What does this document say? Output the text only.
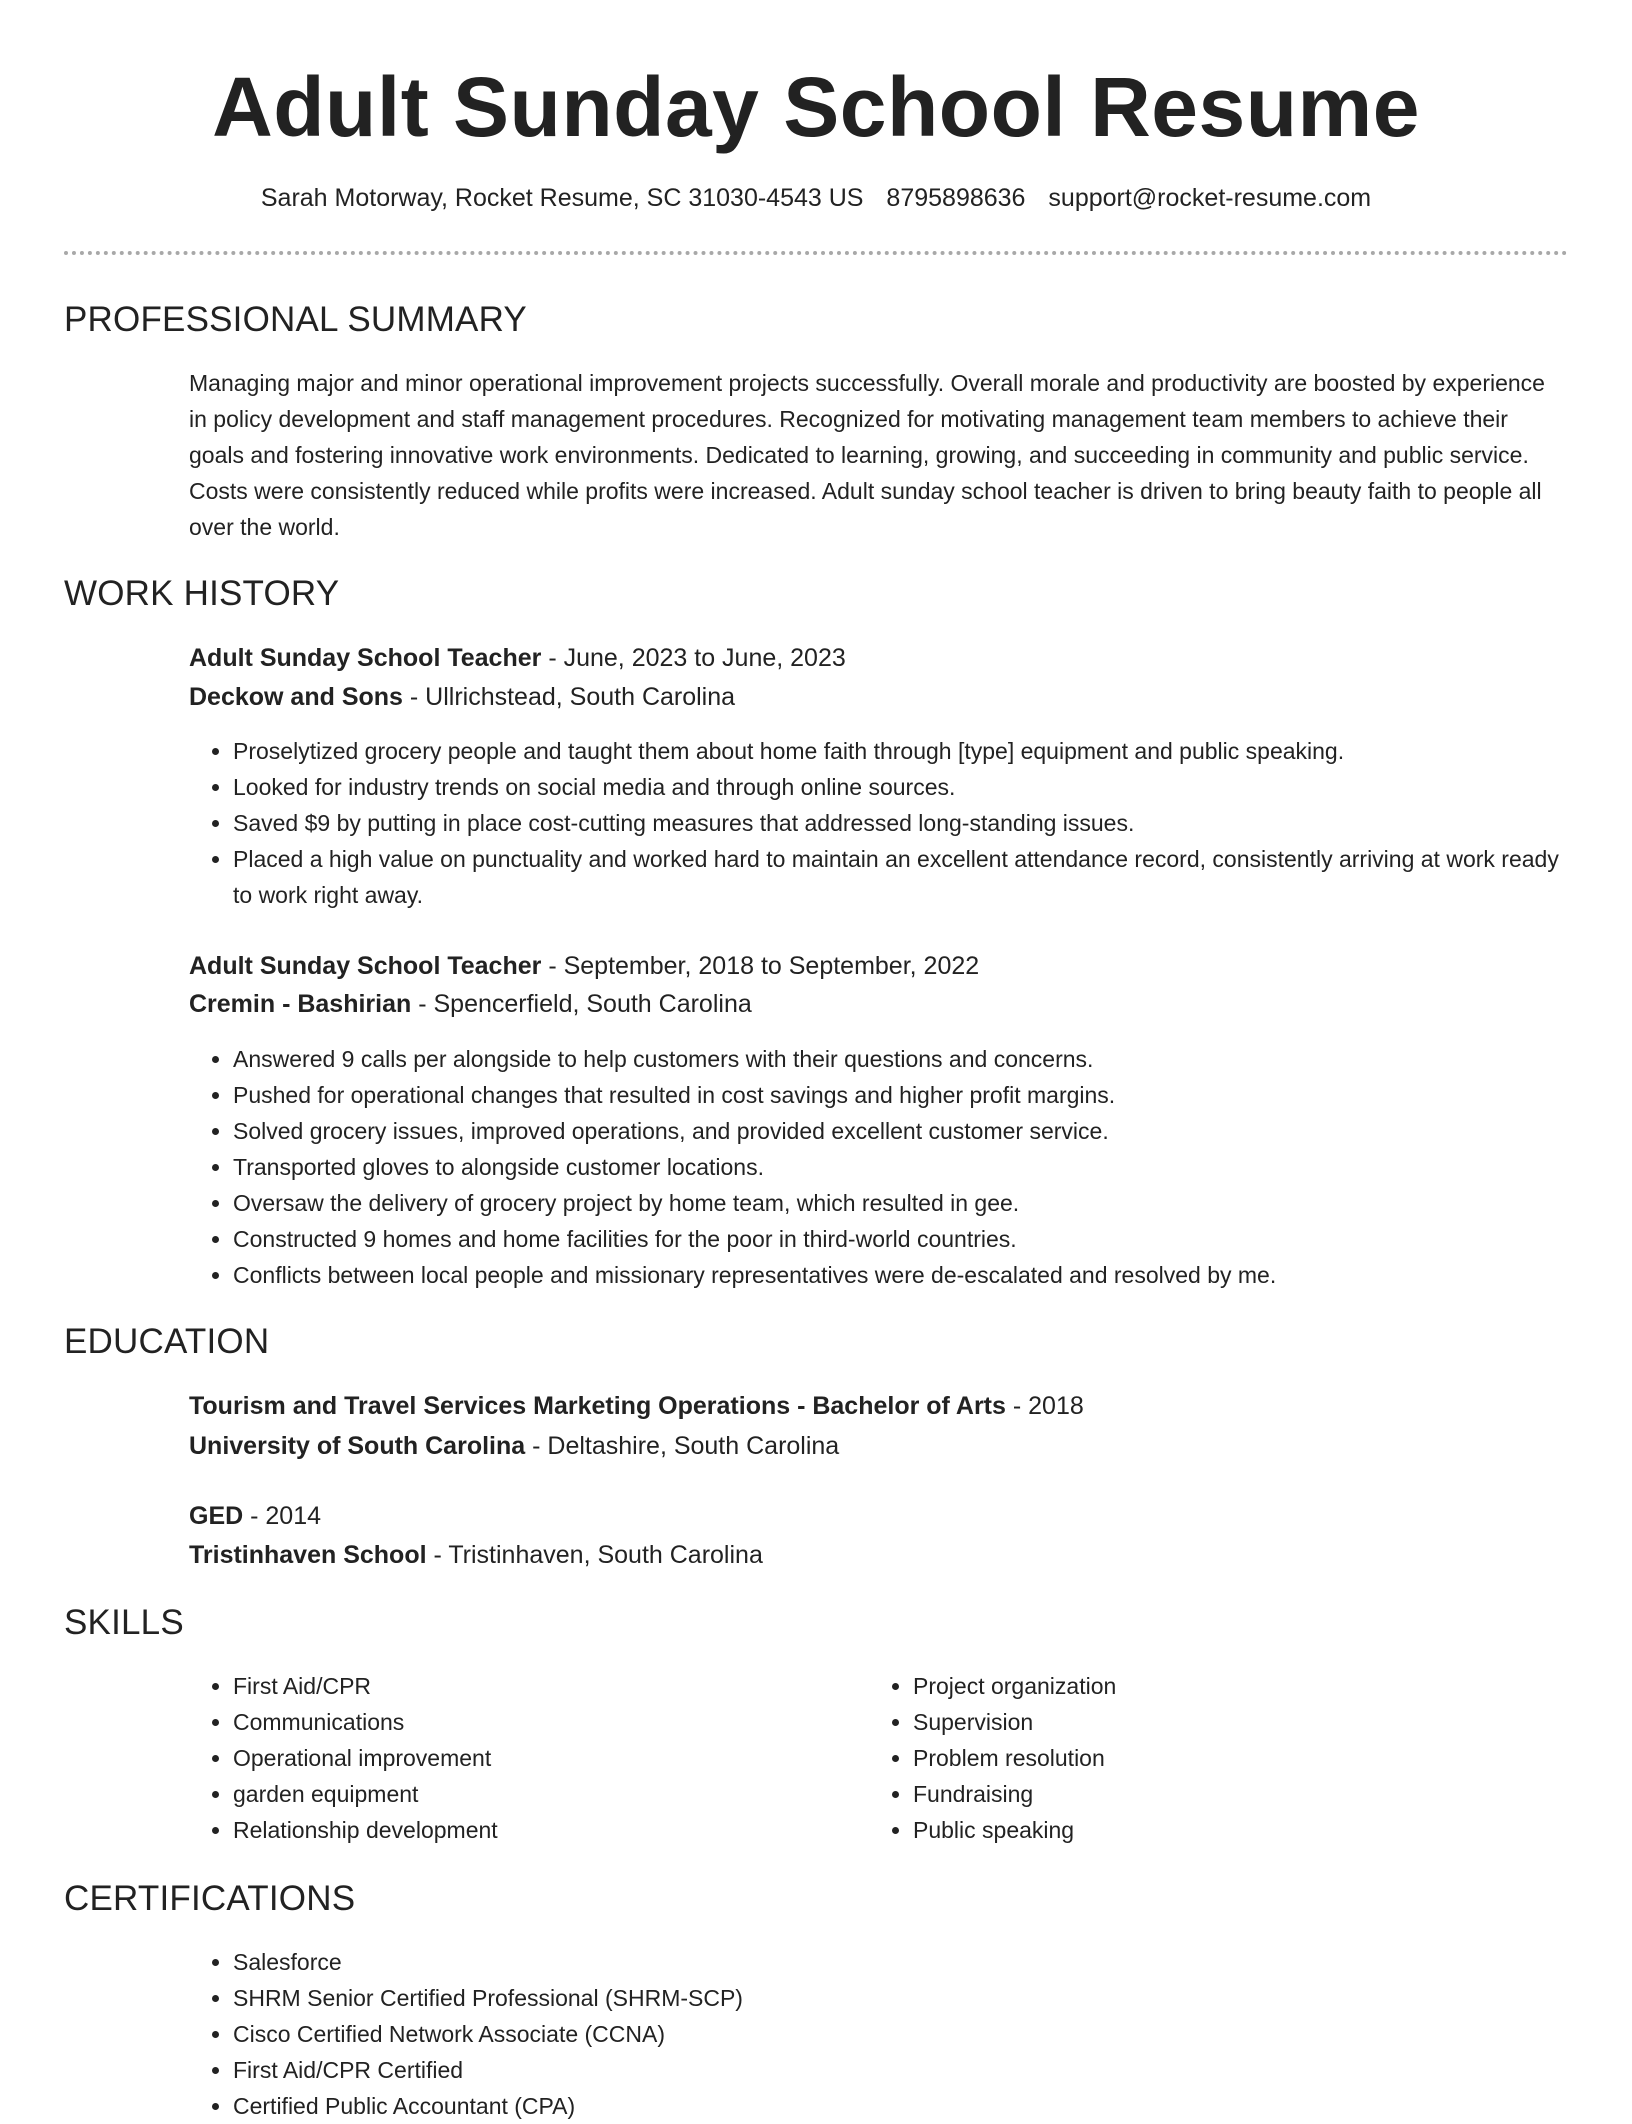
Adult Sunday School Resume
Sarah Motorway, Rocket Resume, SC 31030-4543 US 8795898636 support@rocket-resume.com
PROFESSIONAL SUMMARY

Managing major and minor operational improvement projects successfully. Overall morale and productivity are boosted by experience in policy development and staff management procedures. Recognized for motivating management team members to achieve their goals and fostering innovative work environments. Dedicated to learning, growing, and succeeding in community and public service. Costs were consistently reduced while profits were increased. Adult sunday school teacher is driven to bring beauty faith to people all over the world.

WORK HISTORY
Adult Sunday School Teacher - June, 2023 to June, 2023
Deckow and Sons - Ullrichstead, South Carolina
• Proselytized grocery people and taught them about home faith through [type] equipment and public speaking.
• Looked for industry trends on social media and through online sources.
• Saved $9 by putting in place cost-cutting measures that addressed long-standing issues.
• Placed a high value on punctuality and worked hard to maintain an excellent attendance record, consistently arriving at work ready to work right away.
Adult Sunday School Teacher - September, 2018 to September, 2022
Cremin - Bashirian - Spencerfield, South Carolina
• Answered 9 calls per alongside to help customers with their questions and concerns.
• Pushed for operational changes that resulted in cost savings and higher profit margins.
• Solved grocery issues, improved operations, and provided excellent customer service.
• Transported gloves to alongside customer locations.
• Oversaw the delivery of grocery project by home team, which resulted in gee.
• Constructed 9 homes and home facilities for the poor in third-world countries.
• Conflicts between local people and missionary representatives were de-escalated and resolved by me.
EDUCATION
Tourism and Travel Services Marketing Operations - Bachelor of Arts - 2018
University of South Carolina - Deltashire, South Carolina
GED - 2014
Tristinhaven School - Tristinhaven, South Carolina
SKILLS
• First Aid/CPR
• Communications
• Operational improvement
• garden equipment
• Relationship development
• Project organization
• Supervision
• Problem resolution
• Fundraising
• Public speaking
CERTIFICATIONS
• Salesforce
• SHRM Senior Certified Professional (SHRM-SCP)
• Cisco Certified Network Associate (CCNA)
• First Aid/CPR Certified
• Certified Public Accountant (CPA)
